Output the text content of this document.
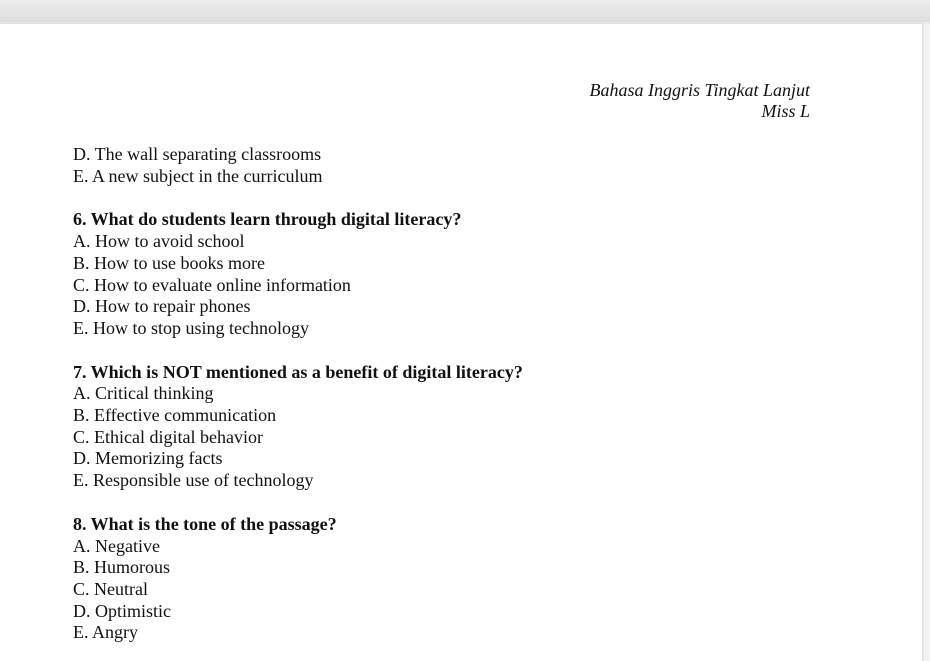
Bahasa Inggris Tingkat Lanjut
Miss L
D. The wall separating classrooms
E. A new subject in the curriculum
6. What do students learn through digital literacy?
A. How to avoid school
B. How to use books more
C. How to evaluate online information
D. How to repair phones
E. How to stop using technology
7. Which is NOT mentioned as a benefit of digital literacy?
A. Critical thinking
B. Effective communication
C. Ethical digital behavior
D. Memorizing facts
E. Responsible use of technology
8. What is the tone of the passage?
A. Negative
B. Humorous
C. Neutral
D. Optimistic
E. Angry
